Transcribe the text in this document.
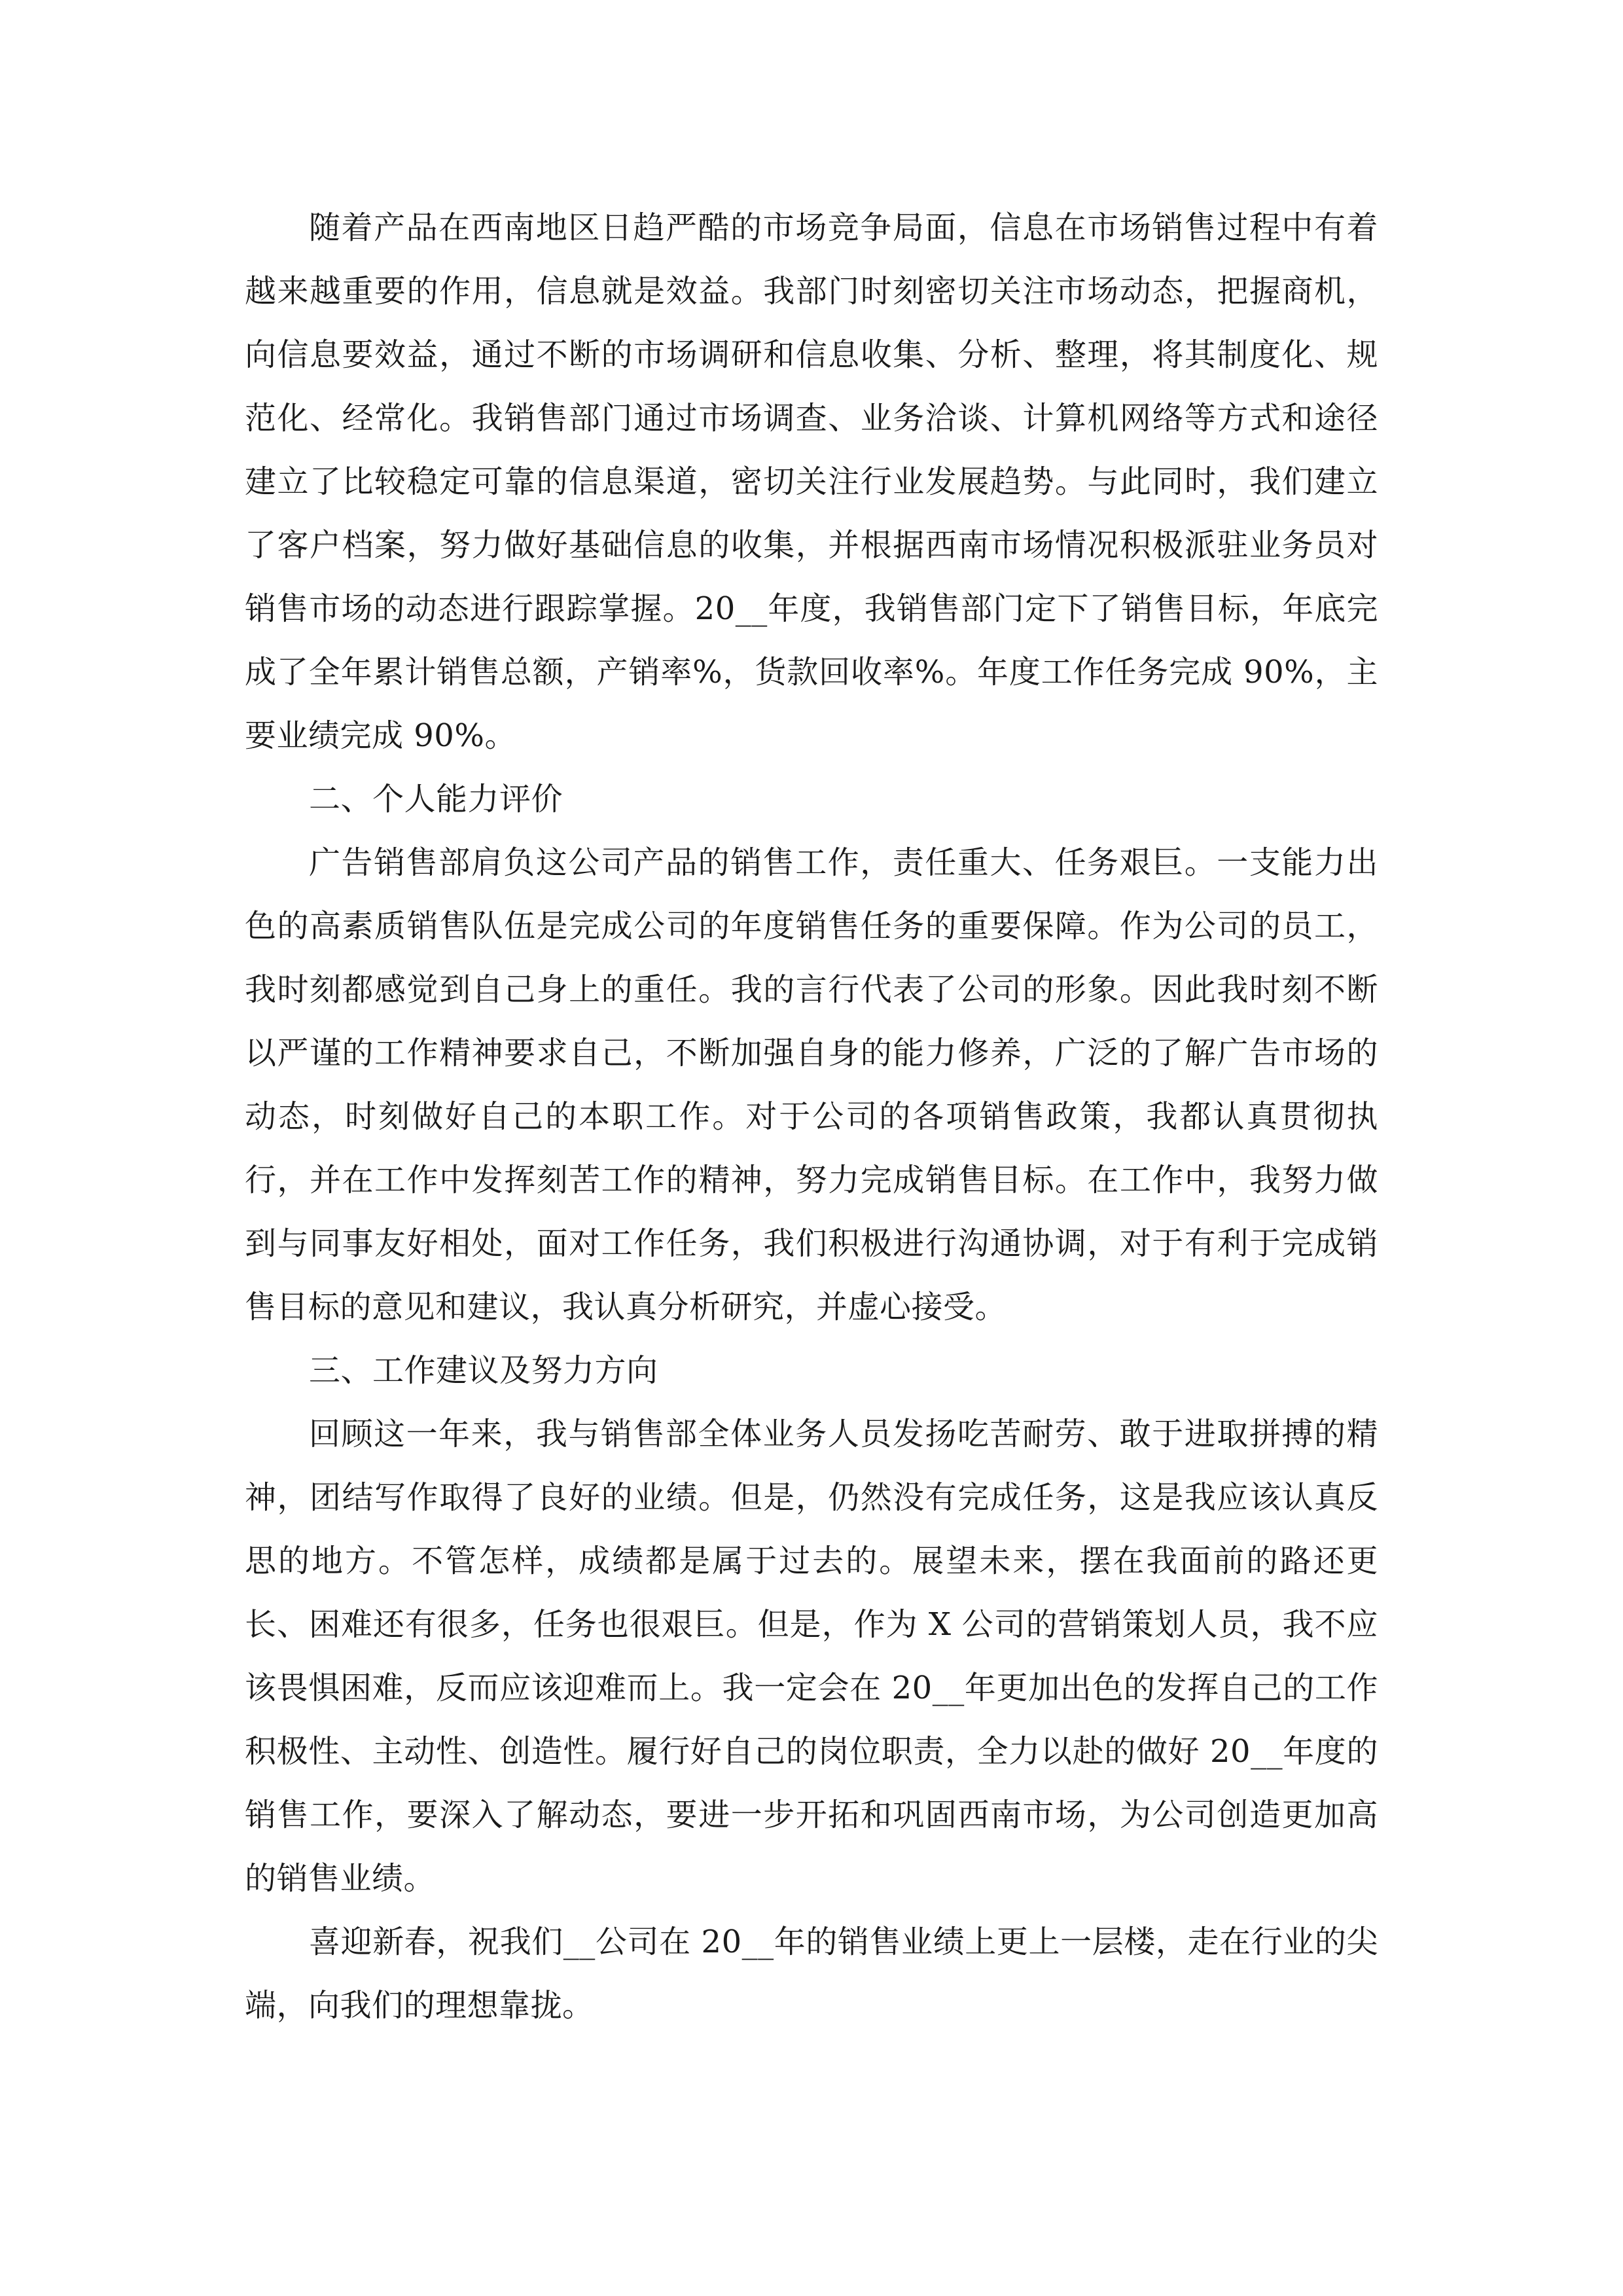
随着产品在西南地区日趋严酷的市场竞争局面，信息在市场销售过程中有着越来越重要的作用，信息就是效益。我部门时刻密切关注市场动态，把握商机，向信息要效益，通过不断的市场调研和信息收集、分析、整理，将其制度化、规范化、经常化。我销售部门通过市场调查、业务洽谈、计算机网络等方式和途径建立了比较稳定可靠的信息渠道，密切关注行业发展趋势。与此同时，我们建立了客户档案，努力做好基础信息的收集，并根据西南市场情况积极派驻业务员对销售市场的动态进行跟踪掌握。20__年度，我销售部门定下了销售目标，年底完成了全年累计销售总额，产销率%，货款回收率%。年度工作任务完成 90%，主要业绩完成 90%。

二、个人能力评价

广告销售部肩负这公司产品的销售工作，责任重大、任务艰巨。一支能力出色的高素质销售队伍是完成公司的年度销售任务的重要保障。作为公司的员工，我时刻都感觉到自己身上的重任。我的言行代表了公司的形象。因此我时刻不断以严谨的工作精神要求自己，不断加强自身的能力修养，广泛的了解广告市场的动态，时刻做好自己的本职工作。对于公司的各项销售政策，我都认真贯彻执行，并在工作中发挥刻苦工作的精神，努力完成销售目标。在工作中，我努力做到与同事友好相处，面对工作任务，我们积极进行沟通协调，对于有利于完成销售目标的意见和建议，我认真分析研究，并虚心接受。

三、工作建议及努力方向

回顾这一年来，我与销售部全体业务人员发扬吃苦耐劳、敢于进取拼搏的精神，团结写作取得了良好的业绩。但是，仍然没有完成任务，这是我应该认真反思的地方。不管怎样，成绩都是属于过去的。展望未来，摆在我面前的路还更长、困难还有很多，任务也很艰巨。但是，作为 X 公司的营销策划人员，我不应该畏惧困难，反而应该迎难而上。我一定会在 20__年更加出色的发挥自己的工作积极性、主动性、创造性。履行好自己的岗位职责，全力以赴的做好 20__年度的销售工作，要深入了解动态，要进一步开拓和巩固西南市场，为公司创造更加高的销售业绩。

喜迎新春，祝我们__公司在 20__年的销售业绩上更上一层楼，走在行业的尖端，向我们的理想靠拢。
